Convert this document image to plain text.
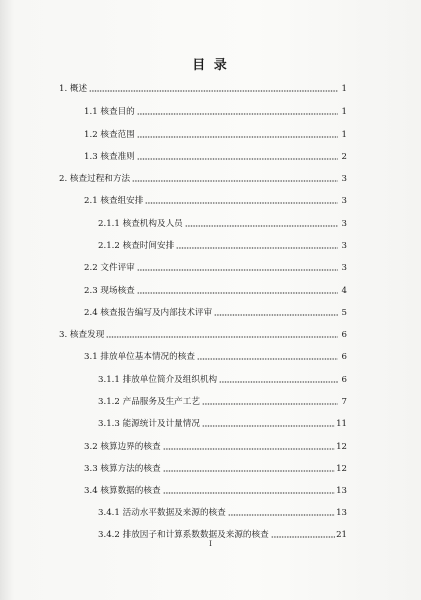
目 录
1. 概述	1
1.1 核查目的	1
1.2 核查范围	1
1.3 核查准则	2
2. 核查过程和方法	3
2.1 核查组安排	3
2.1.1 核查机构及人员	3
2.1.2 核查时间安排	3
2.2 文件评审	3
2.3 现场核查	4
2.4 核查报告编写及内部技术评审	5
3. 核查发现	6
3.1 排放单位基本情况的核查	6
3.1.1 排放单位简介及组织机构	6
3.1.2 产品服务及生产工艺	7
3.1.3 能源统计及计量情况	11
3.2 核算边界的核查	12
3.3 核算方法的核查	12
3.4 核算数据的核查	13
3.4.1 活动水平数据及来源的核查	13
3.4.2 排放因子和计算系数数据及来源的核查	21
I
